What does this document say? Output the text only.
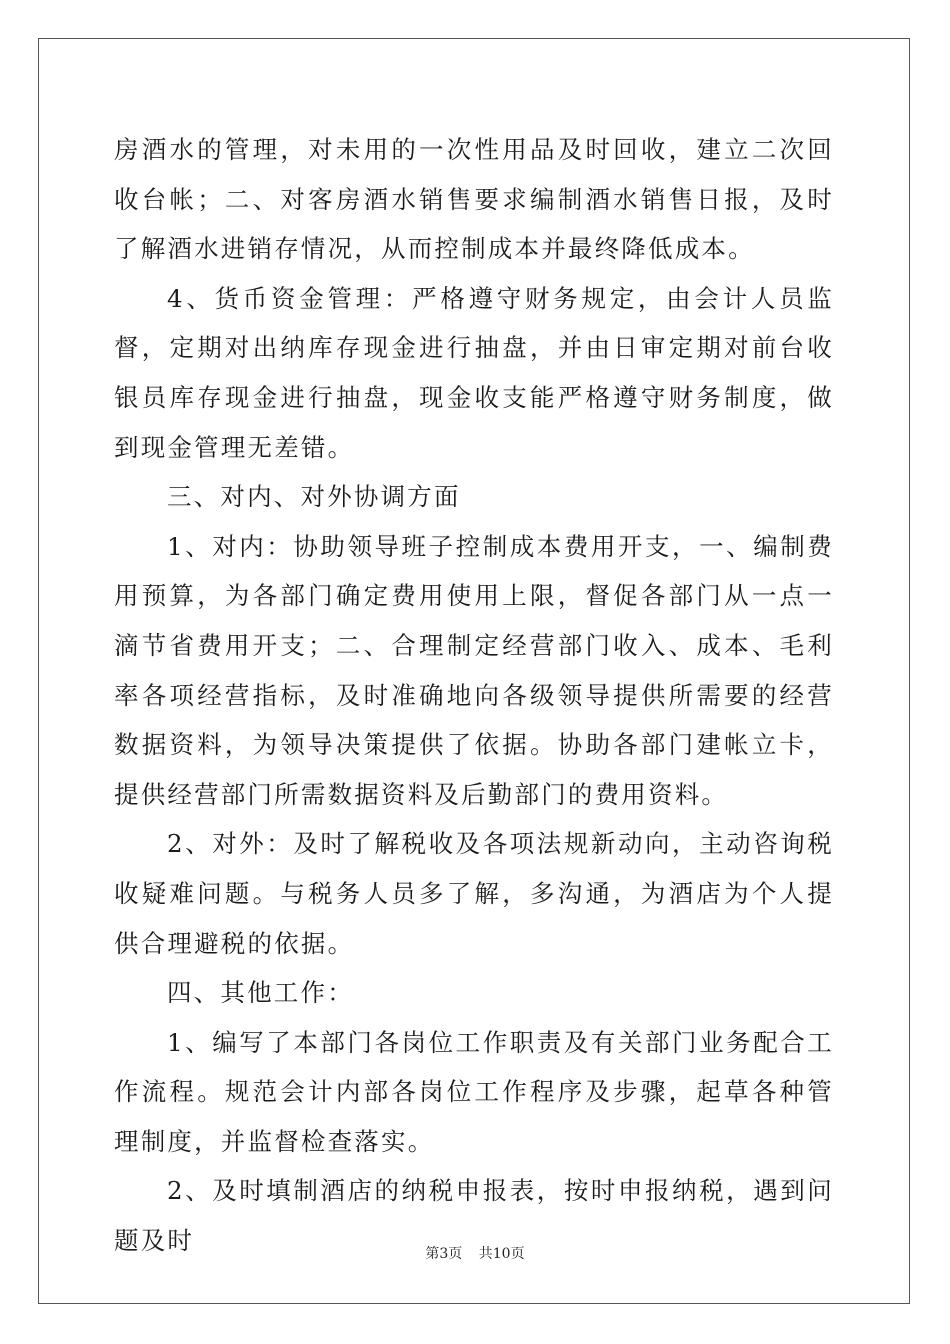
房酒水的管理，对未用的一次性用品及时回收，建立二次回收台帐；二、对客房酒水销售要求编制酒水销售日报，及时了解酒水进销存情况，从而控制成本并最终降低成本。

4、货币资金管理：严格遵守财务规定，由会计人员监督，定期对出纳库存现金进行抽盘，并由日审定期对前台收银员库存现金进行抽盘，现金收支能严格遵守财务制度，做到现金管理无差错。

三、对内、对外协调方面

1、对内：协助领导班子控制成本费用开支，一、编制费用预算，为各部门确定费用使用上限，督促各部门从一点一滴节省费用开支；二、合理制定经营部门收入、成本、毛利率各项经营指标，及时准确地向各级领导提供所需要的经营数据资料，为领导决策提供了依据。协助各部门建帐立卡，提供经营部门所需数据资料及后勤部门的费用资料。

2、对外：及时了解税收及各项法规新动向，主动咨询税收疑难问题。与税务人员多了解，多沟通，为酒店为个人提供合理避税的依据。

四、其他工作：

1、编写了本部门各岗位工作职责及有关部门业务配合工作流程。规范会计内部各岗位工作程序及步骤，起草各种管理制度，并监督检查落实。

2、及时填制酒店的纳税申报表，按时申报纳税，遇到问题及时	第3页 共10页
